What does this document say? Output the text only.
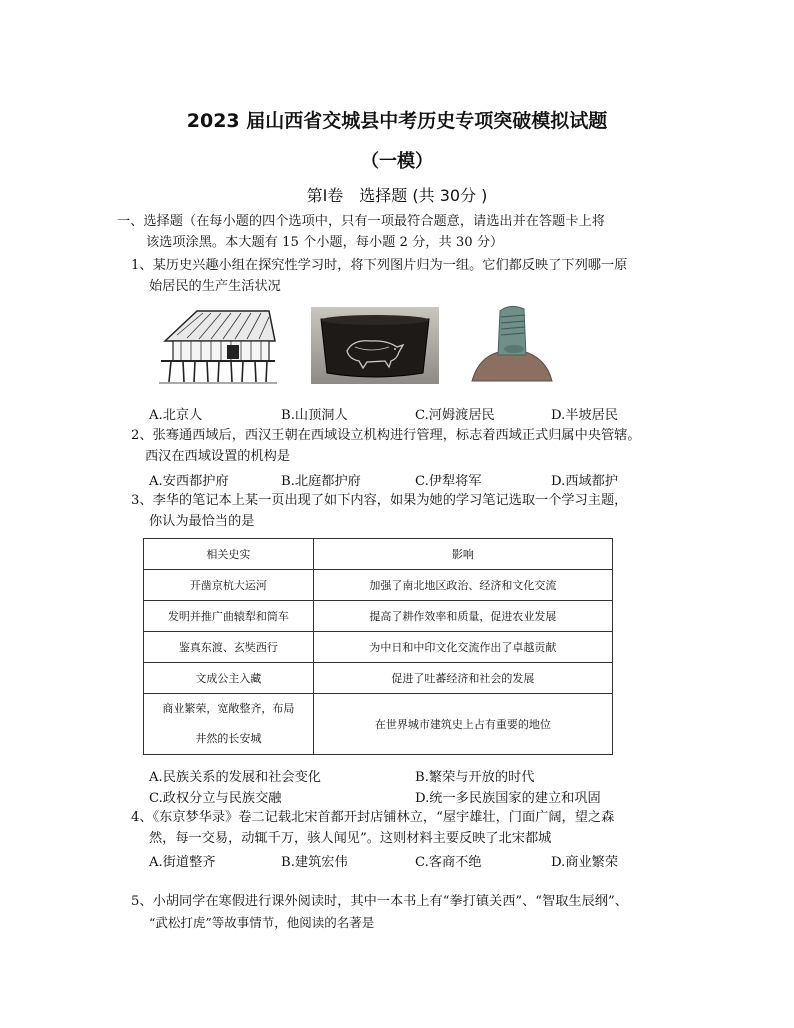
2023 届山西省交城县中考历史专项突破模拟试题
（一模）
第Ⅰ卷　选择题 (共 30分 )
一、选择题（在每小题的四个选项中，只有一项最符合题意，请选出并在答题卡上将
该选项涂黑。本大题有 15 个小题，每小题 2 分，共 30 分）
1、某历史兴趣小组在探究性学习时，将下列图片归为一组。它们都反映了下列哪一原
始居民的生产生活状况
A.北京人	B.山顶洞人	C.河姆渡居民	D.半坡居民
2、张骞通西域后，西汉王朝在西域设立机构进行管理，标志着西域正式归属中央管辖。
西汉在西域设置的机构是
A.安西都护府	B.北庭都护府	C.伊犁将军	D.西域都护
3、李华的笔记本上某一页出现了如下内容，如果为她的学习笔记选取一个学习主题，
你认为最恰当的是
相关史实	影响
开凿京杭大运河	加强了南北地区政治、经济和文化交流
发明并推广曲辕犁和筒车	提高了耕作效率和质量，促进农业发展
鉴真东渡、玄奘西行	为中日和中印文化交流作出了卓越贡献
文成公主入藏	促进了吐蕃经济和社会的发展

商业繁荣，宽敞整齐，布局
井然的长安城	在世界城市建筑史上占有重要的地位
A.民族关系的发展和社会变化	B.繁荣与开放的时代
C.政权分立与民族交融	D.统一多民族国家的建立和巩固
4、《东京梦华录》卷二记载北宋首都开封店铺林立，“屋宇雄壮，门面广阔，望之森
然，每一交易，动辄千万，骇人闻见”。这则材料主要反映了北宋都城
A.街道整齐	B.建筑宏伟	C.客商不绝	D.商业繁荣
5、小胡同学在寒假进行课外阅读时，其中一本书上有“拳打镇关西”、“智取生辰纲”、
“武松打虎”等故事情节，他阅读的名著是
